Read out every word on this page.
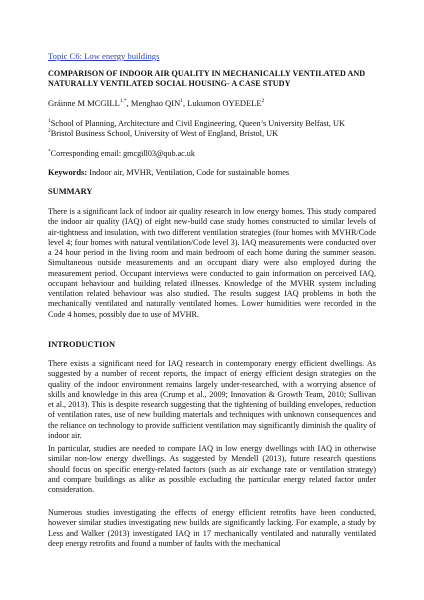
Topic C6: Low energy buildings
COMPARISON OF INDOOR AIR QUALITY IN MECHANICALLY VENTILATED AND NATURALLY VENTILATED SOCIAL HOUSING- A CASE STUDY
Gráinne M $MCGILL^{1,*}$, Menghao QIN$^1$, Lukumon OYEDELE$^2$
$^1$School of Planning, Architecture and Civil Engineering, Queen’s University Belfast, UK
$^2$Bristol Business School, University of West of England, Bristol, UK
*Corresponding email: gmcgill03@qub.ac.uk
Keywords: Indoor air, MVHR, Ventilation, Code for sustainable homes
SUMMARY
There is a significant lack of indoor air quality research in low energy homes. This study compared the indoor air quality (IAQ) of eight new-build case study homes constructed to similar levels of air-tightness and insulation, with two different ventilation strategies (four homes with MVHR/Code level 4; four homes with natural ventilation/Code level 3). IAQ measurements were conducted over a 24 hour period in the living room and main bedroom of each home during the summer season. Simultaneous outside measurements and an occupant diary were also employed during the measurement period. Occupant interviews were conducted to gain information on perceived IAQ, occupant behaviour and building related illnesses. Knowledge of the MVHR system including ventilation related behaviour was also studied. The results suggest IAQ problems in both the mechanically ventilated and naturally ventilated homes. Lower humidities were recorded in the Code 4 homes, possibly due to use of MVHR.
INTRODUCTION
There exists a significant need for IAQ research in contemporary energy efficient dwellings. As suggested by a number of recent reports, the impact of energy efficient design strategies on the quality of the indoor environment remains largely under-researched, with a worrying absence of skills and knowledge in this area (Crump et al., 2009; Innovation & Growth Team, 2010; Sullivan et al., 2013). This is despite research suggesting that the tightening of building envelopes, reduction of ventilation rates, use of new building materials and techniques with unknown consequences and the reliance on technology to provide sufficient ventilation may significantly diminish the quality of indoor air.
In particular, studies are needed to compare IAQ in low energy dwellings with IAQ in otherwise similar non-low energy dwellings. As suggested by Mendell (2013), future research questions should focus on specific energy-related factors (such as air exchange rate or ventilation strategy) and compare buildings as alike as possible excluding the particular energy related factor under consideration.
Numerous studies investigating the effects of energy efficient retrofits have been conducted, however similar studies investigating new builds are significantly lacking. For example, a study by Less and Walker (2013) investigated IAQ in 17 mechanically ventilated and naturally ventilated deep energy retrofits and found a number of faults with the mechanical
